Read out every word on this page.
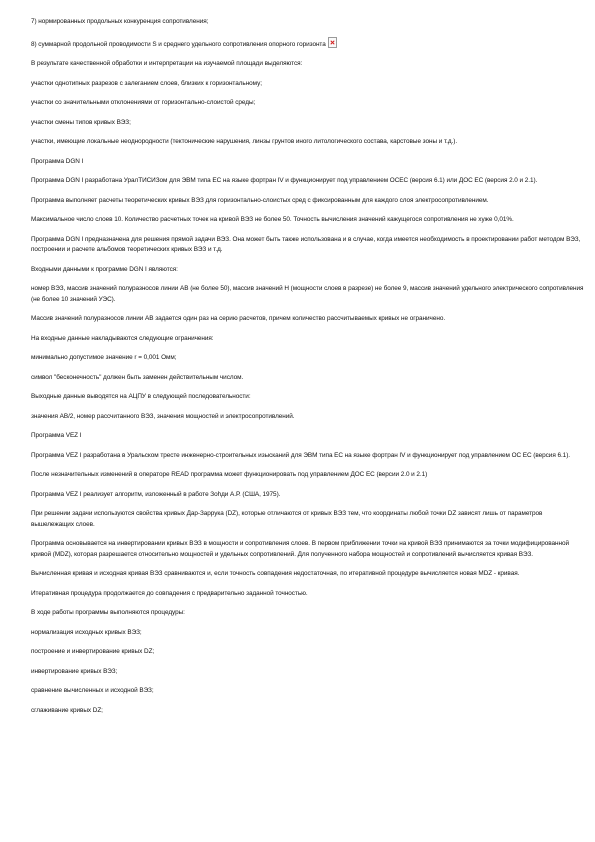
7) нормированных продольных конкуренция сопротивления;

8) суммарной продольной проводимости S и среднего удельного сопротивления опорного горизонта

В результате качественной обработки и интерпретации на изучаемой площади выделяются:

участки однотипных разрезов с залеганием слоев, близких к горизонтальному;

участки со значительными отклонениями от горизонтально-слоистой среды;

участки смены типов кривых ВЭЗ;

участки, имеющие локальные неоднородности (тектонические нарушения, линзы грунтов иного литологического состава, карстовые зоны и т.д.).

Программа DGN I

Программа DGN I разработана УралТИСИЗом для ЭВМ типа ЕС на языке фортран IV и функционирует под управлением ОСЕС (версия 6.1) или ДОС ЕС (версия 2.0 и 2.1).

Программа выполняет расчеты теоретических кривых ВЭЗ для горизонтально-слоистых сред с фиксированным для каждого слоя электросопротивлением.

Максимальное число слоев 10. Количество расчетных точек на кривой ВЭЗ не более 50. Точность вычисления значений кажущегося сопротивления не хуже 0,01%.

Программа DGN I предназначена для решения прямой задачи ВЭЗ. Она может быть также использована и в случае, когда имеется необходимость в проектировании работ методом ВЭЗ, построении и расчете альбомов теоретических кривых ВЭЗ и т.д.

Входными данными к программе DGN I являются:

номер ВЭЗ, массив значений полуразносов линии АВ (не более 50), массив значений Н (мощности слоев в разрезе) не более 9, массив значений удельного электрического сопротивления (не более 10 значений УЭС).

Массив значений полуразносов линии АВ задается один раз на серию расчетов, причем количество рассчитываемых кривых не ограничено.

На входные данные накладываются следующие ограничения:

минимально допустимое значение r = 0,001 Омм;

символ "бесконечность" должен быть заменен действительным числом.

Выходные данные выводятся на АЦПУ в следующей последовательности:

значения AB/2, номер рассчитанного ВЭЗ, значения мощностей и электросопротивлений.

Программа VEZ I

Программа VEZ I разработана в Уральском тресте инженерно-строительных изысканий для ЭВМ типа ЕС на языке фортран IV и функционирует под управлением ОС ЕС (версия 6.1).

После незначительных изменений в операторе READ программа может функционировать под управлением ДОС ЕС (версии 2.0 и 2.1)

Программа VEZ I реализует алгоритм, изложенный в работе Зоһди А.Р. (США, 1975).

При решении задачи используются свойства кривых Дар-Заррука (DZ), которые отличаются от кривых ВЭЗ тем, что координаты любой точки DZ зависят лишь от параметров вышележащих слоев.

Программа основывается на инвертировании кривых ВЭЗ в мощности и сопротивления слоев. В первом приближении точки на кривой ВЭЗ принимаются за точки модифицированной кривой (MDZ), которая разрешается относительно мощностей и удельных сопротивлений. Для полученного набора мощностей и сопротивлений вычисляется кривая ВЭЗ.

Вычисленная кривая и исходная кривая ВЭЗ сравниваются и, если точность совпадения недостаточная, по итеративной процедуре вычисляется новая MDZ - кривая.

Итеративная процедура продолжается до совпадения с предварительно заданной точностью.

В ходе работы программы выполняются процедуры:

нормализация исходных кривых ВЭЗ;

построение и инвертирование кривых DZ;

инвертирование кривых ВЭЗ;

сравнение вычисленных и исходной ВЭЗ;

сглаживание кривых DZ;
